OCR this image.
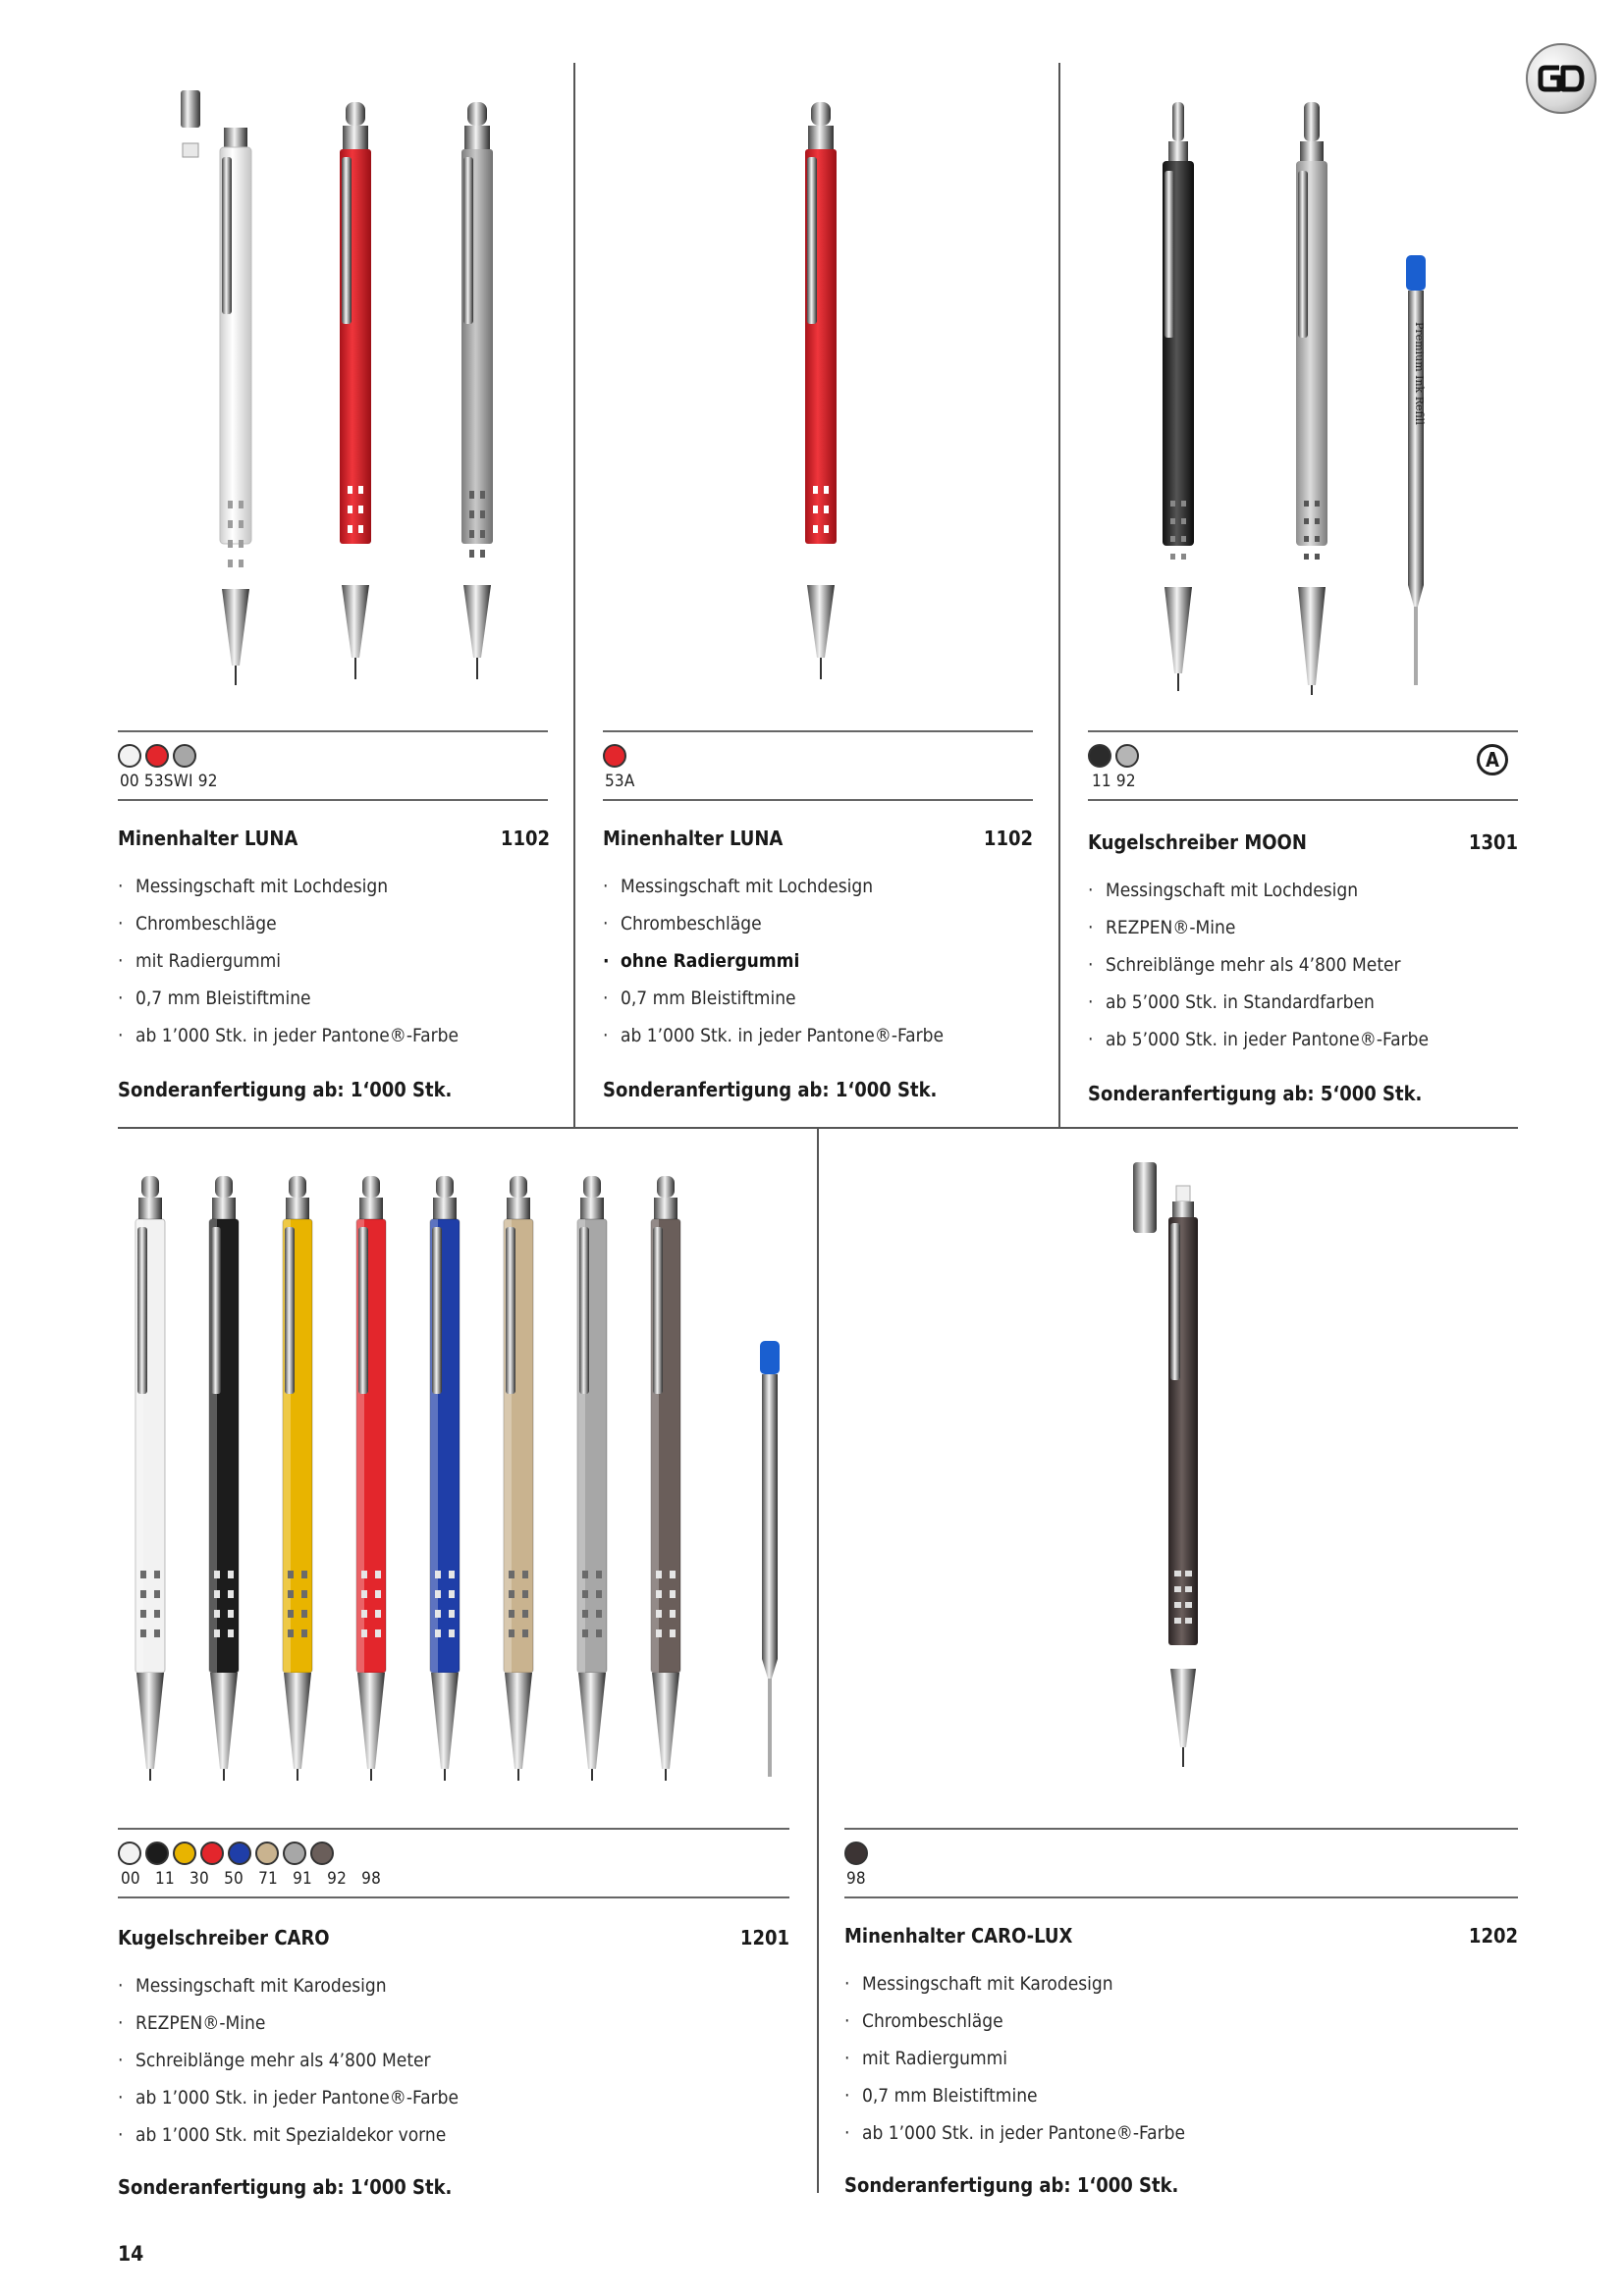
00 53SWI 92
Minenhalter LUNA	1102
· Messingschaft mit Lochdesign
· Chrombeschläge
· mit Radiergummi
· 0,7 mm Bleistiftmine
· ab 1’000 Stk. in jeder Pantone®-Farbe
Sonderanfertigung ab: 1‘000 Stk.
53A
Minenhalter LUNA	1102
· Messingschaft mit Lochdesign
· Chrombeschläge
· ohne Radiergummi
· 0,7 mm Bleistiftmine
· ab 1’000 Stk. in jeder Pantone®-Farbe
Sonderanfertigung ab: 1‘000 Stk.
Premium Ink Refill
11 92
A
Kugelschreiber MOON	1301
· Messingschaft mit Lochdesign
· REZPEN®-Mine
· Schreiblänge mehr als 4’800 Meter
· ab 5’000 Stk. in Standardfarben
· ab 5’000 Stk. in jeder Pantone®-Farbe
Sonderanfertigung ab: 5‘000 Stk.
00   11   30   50   71   91   92   98
Kugelschreiber CARO	1201
· Messingschaft mit Karodesign
· REZPEN®-Mine
· Schreiblänge mehr als 4’800 Meter
· ab 1’000 Stk. in jeder Pantone®-Farbe
· ab 1’000 Stk. mit Spezialdekor vorne
Sonderanfertigung ab: 1‘000 Stk.
98
Minenhalter CARO-LUX	1202
· Messingschaft mit Karodesign
· Chrombeschläge
· mit Radiergummi
· 0,7 mm Bleistiftmine
· ab 1’000 Stk. in jeder Pantone®-Farbe
Sonderanfertigung ab: 1‘000 Stk.
14
